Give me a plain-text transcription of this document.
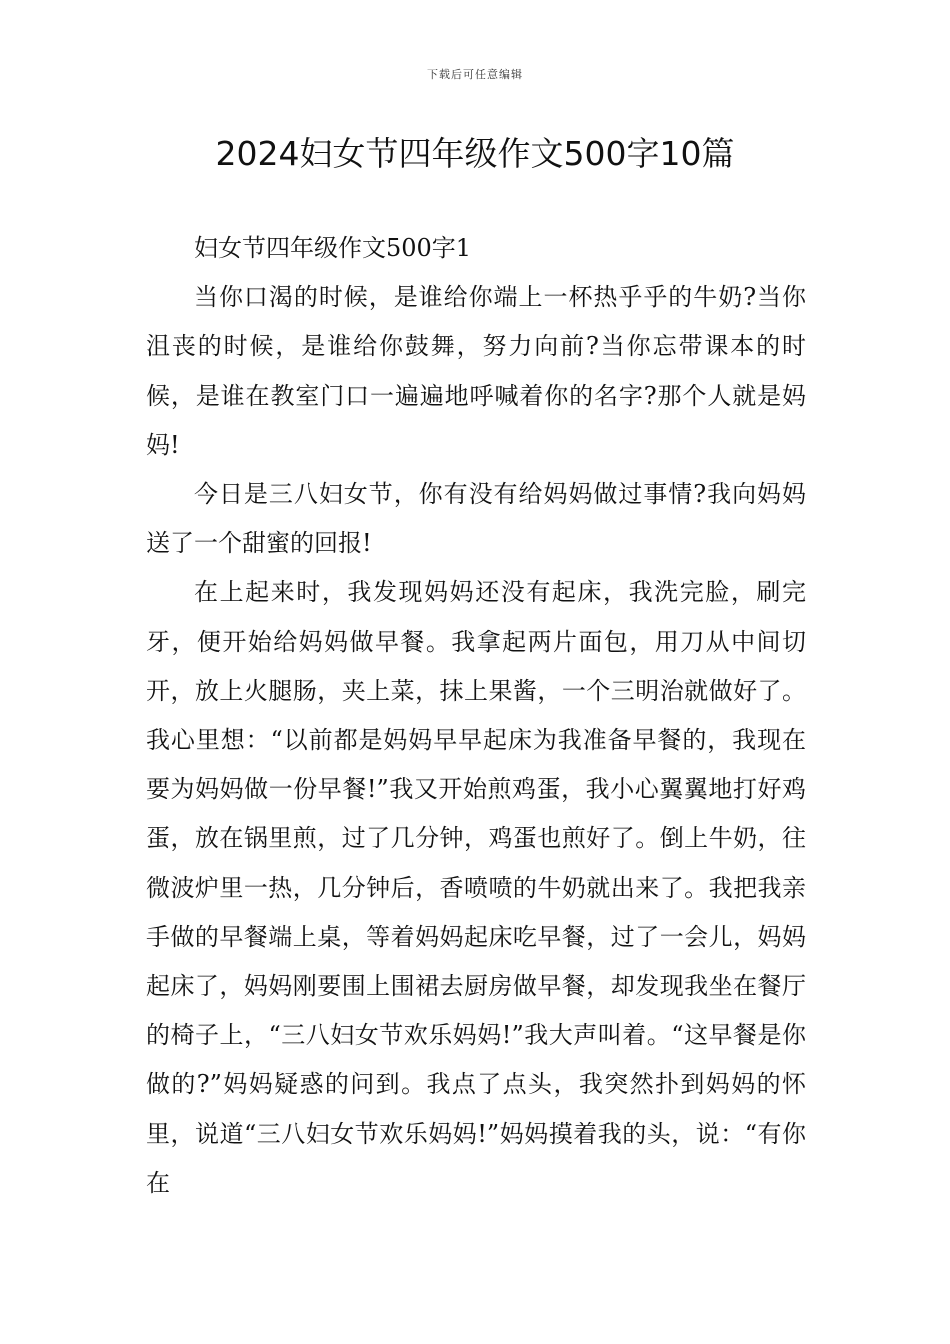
下载后可任意编辑
2024妇女节四年级作文500字10篇

妇女节四年级作文500字1

当你口渴的时候，是谁给你端上一杯热乎乎的牛奶?当你沮丧的时候，是谁给你鼓舞，努力向前?当你忘带课本的时候，是谁在教室门口一遍遍地呼喊着你的名字?那个人就是妈妈!

今日是三八妇女节，你有没有给妈妈做过事情?我向妈妈送了一个甜蜜的回报!

在上起来时，我发现妈妈还没有起床，我洗完脸，刷完牙，便开始给妈妈做早餐。我拿起两片面包，用刀从中间切开，放上火腿肠，夹上菜，抹上果酱，一个三明治就做好了。我心里想：“以前都是妈妈早早起床为我准备早餐的，我现在要为妈妈做一份早餐!”我又开始煎鸡蛋，我小心翼翼地打好鸡蛋，放在锅里煎，过了几分钟，鸡蛋也煎好了。倒上牛奶，往微波炉里一热，几分钟后，香喷喷的牛奶就出来了。我把我亲手做的早餐端上桌，等着妈妈起床吃早餐，过了一会儿，妈妈起床了，妈妈刚要围上围裙去厨房做早餐，却发现我坐在餐厅的椅子上，“三八妇女节欢乐妈妈!”我大声叫着。“这早餐是你做的?”妈妈疑惑的问到。我点了点头，我突然扑到妈妈的怀里，说道“三八妇女节欢乐妈妈!”妈妈摸着我的头，说：“有你在
